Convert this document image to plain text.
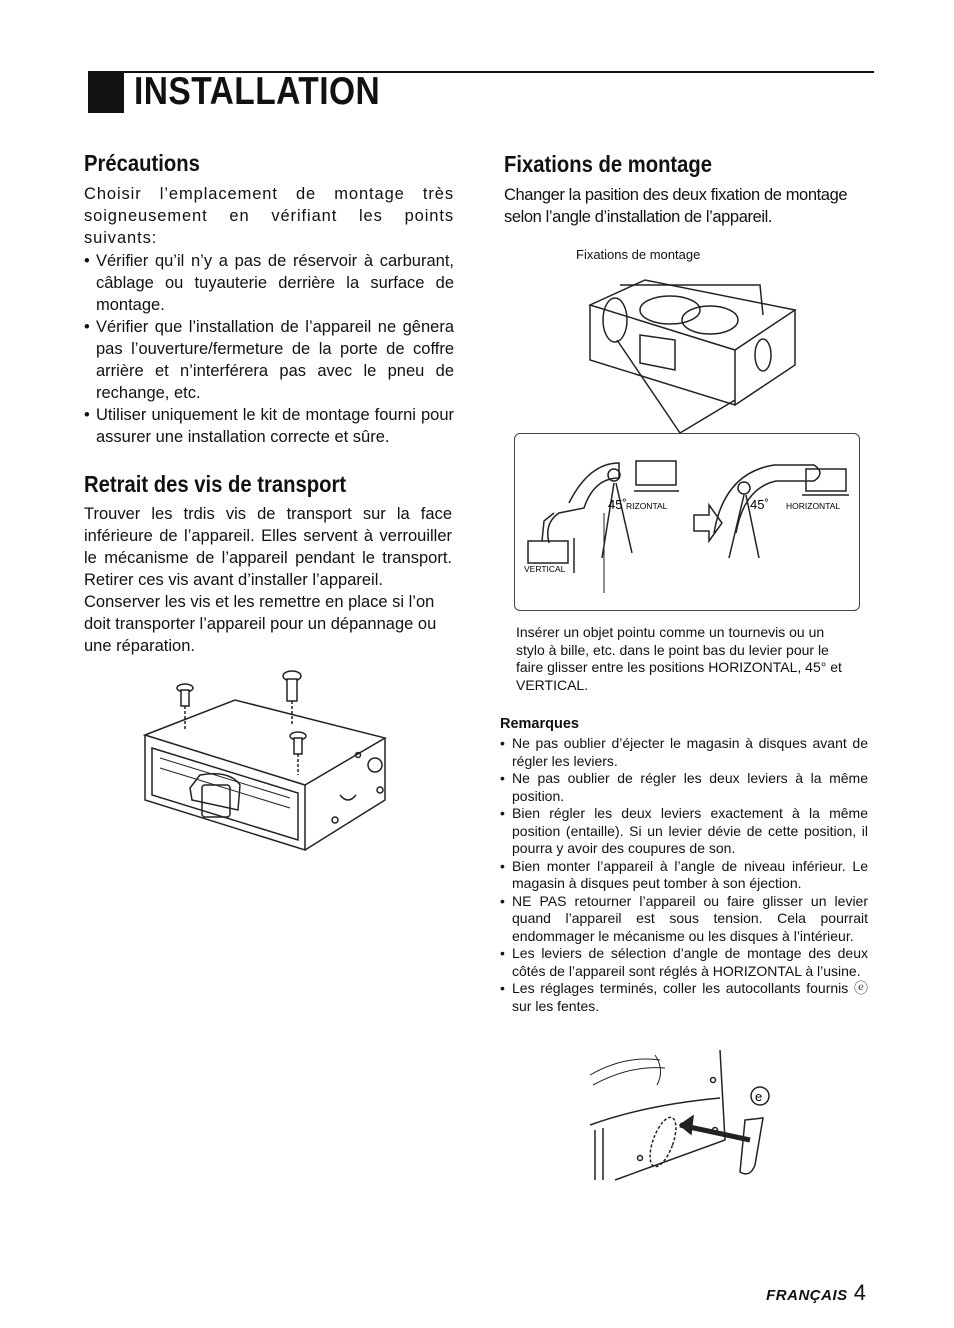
INSTALLATION
Précautions

Choisir l’emplacement de montage très soigneusement en vérifiant les points suivants:

• Vérifier qu’il n’y a pas de réservoir à carburant, câblage ou tuyauterie derrière la surface de montage.
• Vérifier que l’installation de l’appareil ne gênera pas l’ouverture/fermeture de la porte de coffre arrière et n’interférera pas avec le pneu de rechange, etc.
• Utiliser uniquement le kit de montage fourni pour assurer une installation correcte et sûre.
Retrait des vis de transport

Trouver les trdis vis de transport sur la face inférieure de l’appareil. Elles servent à verrouiller le mécanisme de l’appareil pendant le transport. Retirer ces vis avant d’installer l’appareil.

Conserver les vis et les remettre en place si l’on doit transporter l’appareil pour un dépannage ou une réparation.

Fixations de montage

Changer la pasition des deux fixation de montage selon l’angle d’installation de l’appareil.

Fixations de montage
45˚ RIZONTAL	45˚ HORIZONTAL
VERTICAL

Insérer un objet pointu comme un tournevis ou un stylo à bille, etc. dans le point bas du levier pour le faire glisser entre les positions HORIZONTAL, 45° et VERTICAL.

Remarques
• Ne pas oublier d’éjecter le magasin à disques avant de régler les leviers.
• Ne pas oublier de régler les deux leviers à la même position.
• Bien régler les deux leviers exactement à la même position (entaille). Si un levier dévie de cette position, il pourra y avoir des coupures de son.
• Bien monter l’appareil à l’angle de niveau inférieur. Le magasin à disques peut tomber à son éjection.
• NE PAS retourner l’appareil ou faire glisser un levier quand l’appareil est sous tension. Cela pourrait endommager le mécanisme ou les disques à l’intérieur.
• Les leviers de sélection d’angle de montage des deux côtés de l’appareil sont réglés à HORIZONTAL à l’usine.
• Les réglages terminés, coller les autocollants fournis ⓔ sur les fentes.
e
FRANÇAIS 4
